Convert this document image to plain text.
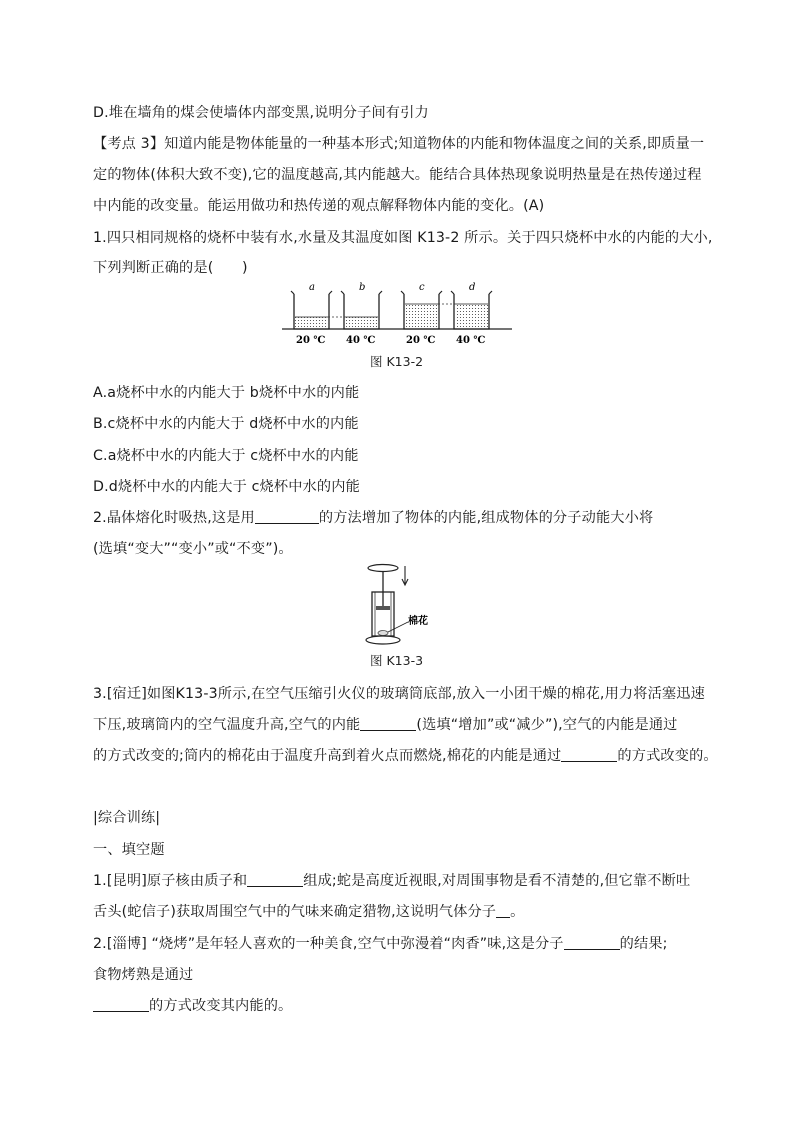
D.堆在墙角的煤会使墙体内部变黑,说明分子间有引力
【考点 3】知道内能是物体能量的一种基本形式;知道物体的内能和物体温度之间的关系,即质量一
定的物体(体积大致不变),它的温度越高,其内能越大。能结合具体热现象说明热量是在热传递过程
中内能的改变量。能运用做功和热传递的观点解释物体内能的变化。(A)
1.四只相同规格的烧杯中装有水,水量及其温度如图 K13-2 所示。关于四只烧杯中水的内能的大小,
下列判断正确的是(　　)
a	b	c	d
20 ℃ 40 ℃	20 ℃ 40 ℃
图 K13-2
A.a烧杯中水的内能大于 b烧杯中水的内能
B.c烧杯中水的内能大于 d烧杯中水的内能
C.a烧杯中水的内能大于 c烧杯中水的内能
D.d烧杯中水的内能大于 c烧杯中水的内能
2.晶体熔化时吸热,这是用	的方法增加了物体的内能,组成物体的分子动能大小将
(选填“变大”“变小”或“不变”)。
棉花
图 K13-3
3.[宿迁]如图K13-3所示,在空气压缩引火仪的玻璃筒底部,放入一小团干燥的棉花,用力将活塞迅速
下压,玻璃筒内的空气温度升高,空气的内能	(选填“增加”或“减少”),空气的内能是通过
的方式改变的;筒内的棉花由于温度升高到着火点而燃烧,棉花的内能是通过	的方式改变的。
|综合训练|
一、填空题
1.[昆明]原子核由质子和	组成;蛇是高度近视眼,对周围事物是看不清楚的,但它靠不断吐
舌头(蛇信子)获取周围空气中的气味来确定猎物,这说明气体分子 。
2.[淄博] “烧烤”是年轻人喜欢的一种美食,空气中弥漫着“肉香”味,这是分子	的结果;
食物烤熟是通过
的方式改变其内能的。
